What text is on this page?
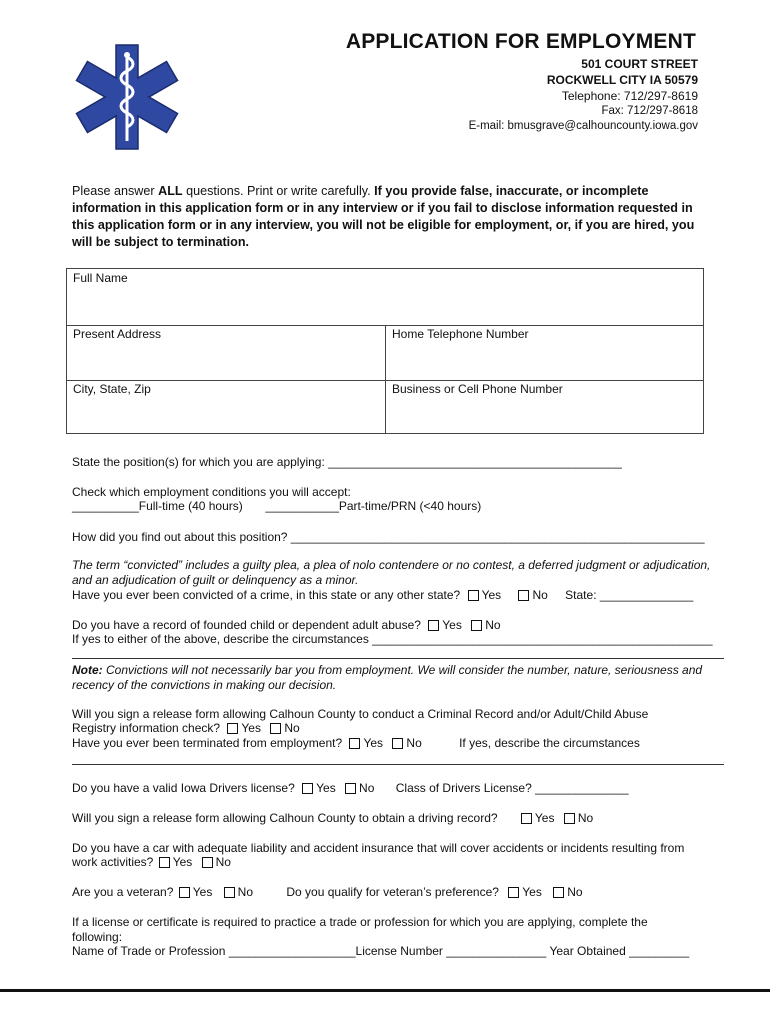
APPLICATION FOR EMPLOYMENT
501 COURT STREET
ROCKWELL CITY IA 50579
Telephone: 712/297-8619
Fax: 712/297-8618
E-mail: bmusgrave@calhouncounty.iowa.gov
Please answer ALL questions. Print or write carefully. If you provide false, inaccurate, or incomplete information in this application form or in any interview or if you fail to disclose information requested in this application form or in any interview, you will not be eligible for employment, or, if you are hired, you will be subject to termination.
Full Name
Present Address	Home Telephone Number
City, State, Zip	Business or Cell Phone Number
State the position(s) for which you are applying: ____________________________________________
Check which employment conditions you will accept:
__________Full-time (40 hours) ___________Part-time/PRN (<40 hours)
How did you find out about this position? ______________________________________________________________
The term “convicted” includes a guilty plea, a plea of nolo contendere or no contest, a deferred judgment or adjudication, and an adjudication of guilt or delinquency as a minor.
Have you ever been convicted of a crime, in this state or any other state? Yes	No State: ______________
Do you have a record of founded child or dependent adult abuse? Yes No
If yes to either of the above, describe the circumstances ___________________________________________________
Note: Convictions will not necessarily bar you from employment. We will consider the number, nature, seriousness and recency of the convictions in making our decision.
Will you sign a release form allowing Calhoun County to conduct a Criminal Record and/or Adult/Child Abuse
Registry information check? Yes No
Have you ever been terminated from employment? Yes No	If yes, describe the circumstances
Do you have a valid Iowa Drivers license? Yes No Class of Drivers License? ______________
Will you sign a release form allowing Calhoun County to obtain a driving record?	Yes No
Do you have a car with adequate liability and accident insurance that will cover accidents or incidents resulting from
work activities? Yes No
Are you a veteran? Yes No	Do you qualify for veteran’s preference? Yes No
If a license or certificate is required to practice a trade or profession for which you are applying, complete the
following:
Name of Trade or Profession ___________________License Number _______________ Year Obtained _________
